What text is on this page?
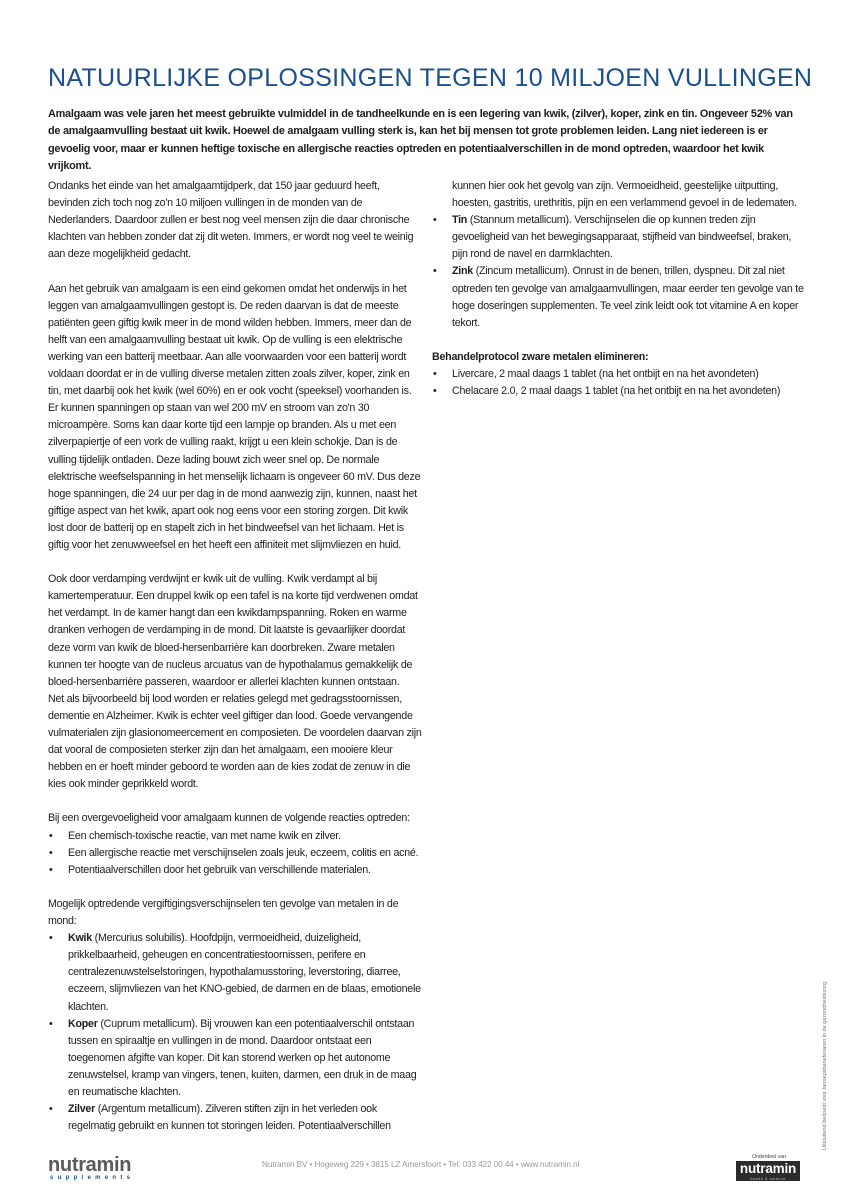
NATUURLIJKE OPLOSSINGEN TEGEN 10 MILJOEN VULLINGEN

Amalgaam was vele jaren het meest gebruikte vulmiddel in de tandheelkunde en is een legering van kwik, (zilver), koper, zink en tin. Ongeveer 52% van de amalgaamvulling bestaat uit kwik. Hoewel de amalgaam vulling sterk is, kan het bij mensen tot grote problemen leiden. Lang niet iedereen is er gevoelig voor, maar er kunnen heftige toxische en allergische reacties optreden en potentiaalverschillen in de mond optreden, waardoor het kwik vrijkomt.

Ondanks het einde van het amalgaamtijdperk, dat 150 jaar geduurd heeft, bevinden zich toch nog zo'n 10 miljoen vullingen in de monden van de Nederlanders. Daardoor zullen er best nog veel mensen zijn die daar chronische klachten van hebben zonder dat zij dit weten. Immers, er wordt nog veel te weinig aan deze mogelijkheid gedacht.

Aan het gebruik van amalgaam is een eind gekomen omdat het onderwijs in het leggen van amalgaamvullingen gestopt is. De reden daarvan is dat de meeste patiënten geen giftig kwik meer in de mond wilden hebben. Immers, meer dan de helft van een amalgaamvulling bestaat uit kwik. Op de vulling is een elektrische werking van een batterij meetbaar. Aan alle voorwaarden voor een batterij wordt voldaan doordat er in de vulling diverse metalen zitten zoals zilver, koper, zink en tin, met daarbij ook het kwik (wel 60%) en er ook vocht (speeksel) voorhanden is.

Er kunnen spanningen op staan van wel 200 mV en stroom van zo'n 30 microampère. Soms kan daar korte tijd een lampje op branden. Als u met een zilverpapiertje of een vork de vulling raakt, krijgt u een klein schokje. Dan is de vulling tijdelijk ontladen. Deze lading bouwt zich weer snel op. De normale elektrische weefselspanning in het menselijk lichaam is ongeveer 60 mV. Dus deze hoge spanningen, die 24 uur per dag in de mond aanwezig zijn, kunnen, naast het giftige aspect van het kwik, apart ook nog eens voor een storing zorgen. Dit kwik lost door de batterij op en stapelt zich in het bindweefsel van het lichaam. Het is giftig voor het zenuwweefsel en het heeft een affiniteit met slijmvliezen en huid.

Ook door verdamping verdwijnt er kwik uit de vulling. Kwik verdampt al bij kamertemperatuur. Een druppel kwik op een tafel is na korte tijd verdwenen omdat het verdampt. In de kamer hangt dan een kwikdampspanning. Roken en warme dranken verhogen de verdamping in de mond. Dit laatste is gevaarlijker doordat deze vorm van kwik de bloed-hersenbarrière kan doorbreken. Zware metalen kunnen ter hoogte van de nucleus arcuatus van de hypothalamus gemakkelijk de bloed-hersenbarrière passeren, waardoor er allerlei klachten kunnen ontstaan.

Net als bijvoorbeeld bij lood worden er relaties gelegd met gedragsstoornissen, dementie en Alzheimer. Kwik is echter veel giftiger dan lood. Goede vervangende vulmaterialen zijn glasionomeercement en composieten. De voordelen daarvan zijn dat vooral de composieten sterker zijn dan het amalgaam, een mooiere kleur hebben en er hoeft minder geboord te worden aan de kies zodat de zenuw in die kies ook minder geprikkeld wordt.

Bij een overgevoeligheid voor amalgaam kunnen de volgende reacties optreden:

• Een chemisch-toxische reactie, van met name kwik en zilver.
• Een allergische reactie met verschijnselen zoals jeuk, eczeem, colitis en acné.
• Potentiaalverschillen door het gebruik van verschillende materialen.

Mogelijk optredende vergiftigingsverschijnselen ten gevolge van metalen in de mond:

• Kwik (Mercurius solubilis). Hoofdpijn, vermoeidheid, duizeligheid, prikkelbaarheid, geheugen en concentratiestoornissen, perifere en centralezenuwstelselstoringen, hypothalamusstoring, leverstoring, diarree, eczeem, slijmvliezen van het KNO-gebied, de darmen en de blaas, emotionele klachten.
• Koper (Cuprum metallicum). Bij vrouwen kan een potentiaalverschil ontstaan tussen en spiraaltje en vullingen in de mond. Daardoor ontstaat een toegenomen afgifte van koper. Dit kan storend werken op het autonome zenuwstelsel, kramp van vingers, tenen, kuiten, darmen, een druk in de maag en reumatische klachten.
• Zilver (Argentum metallicum). Zilveren stiften zijn in het verleden ook regelmatig gebruikt en kunnen tot storingen leiden. Potentiaalverschillen
kunnen hier ook het gevolg van zijn. Vermoeidheid, geestelijke uitputting, hoesten, gastritis, urethritis, pijn en een verlammend gevoel in de ledematen.
• Tin (Stannum metallicum). Verschijnselen die op kunnen treden zijn gevoeligheid van het bewegingsapparaat, stijfheid van bindweefsel, braken, pijn rond de navel en darmklachten.
• Zink (Zincum metallicum). Onrust in de benen, trillen, dyspneu. Dit zal niet optreden ten gevolge van amalgaamvullingen, maar eerder ten gevolge van te hoge doseringen supplementen. Te veel zink leidt ook tot vitamine A en koper tekort.

Behandelprotocol zware metalen elimineren:

• Livercare, 2 maal daags 1 tablet (na het ontbijt en na het avondeten)
• Chelacare 2.0, 2 maal daags 1 tablet (na het ontbijt en na het avondeten)
nutramin
supplements
Nutramin BV • Hogeweg 229 • 3815 LZ Amersfoort • Tel: 033 422 00 44 • www.nutramin.nl
Onderdeel van
nutramin
health & science
Uitsluitend bedoeld voor beroepsbeoefenaren in de gezondheidszorg.
